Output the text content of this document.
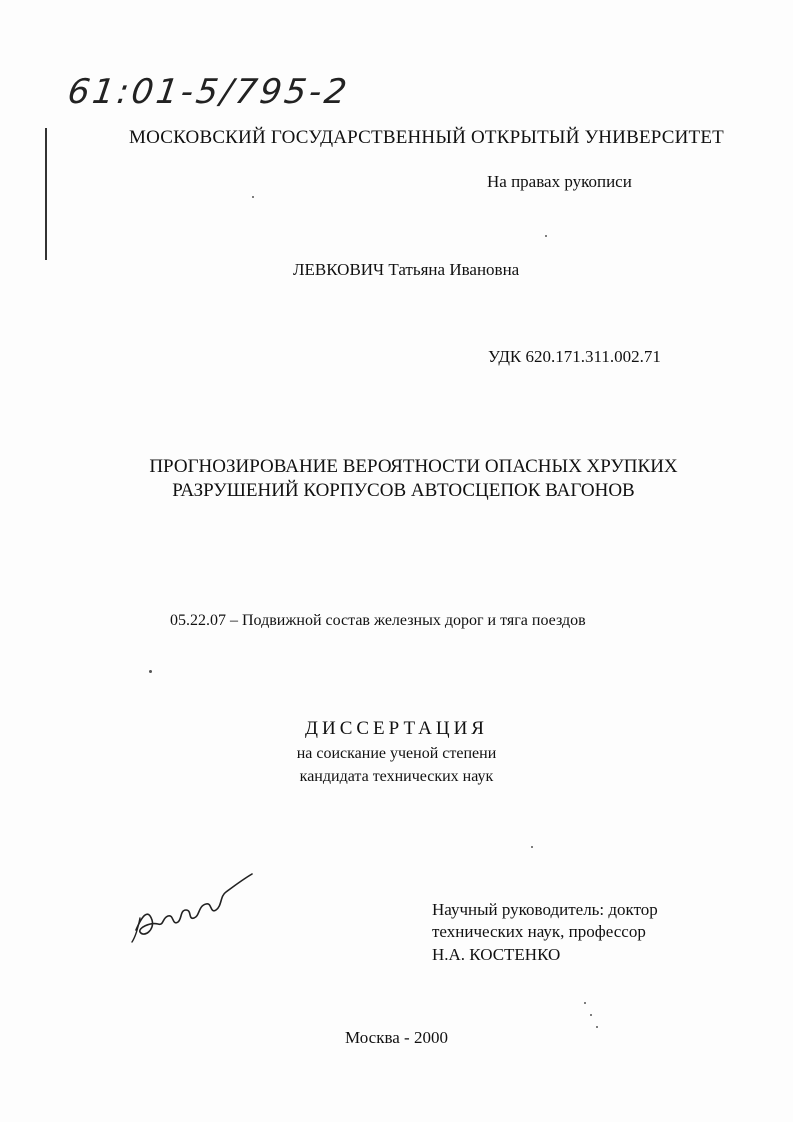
61:01-5/795-2
МОСКОВСКИЙ ГОСУДАРСТВЕННЫЙ ОТКРЫТЫЙ УНИВЕРСИТЕТ
На правах рукописи
ЛЕВКОВИЧ Татьяна Ивановна
УДК 620.171.311.002.71
ПРОГНОЗИРОВАНИЕ ВЕРОЯТНОСТИ ОПАСНЫХ ХРУПКИХ
РАЗРУШЕНИЙ КОРПУСОВ АВТОСЦЕПОК ВАГОНОВ
05.22.07 – Подвижной состав железных дорог и тяга поездов
ДИССЕРТАЦИЯ
на соискание ученой степени
кандидата технических наук
Научный руководитель: доктор
технических наук, профессор
Н.А. КОСТЕНКО
Москва - 2000
